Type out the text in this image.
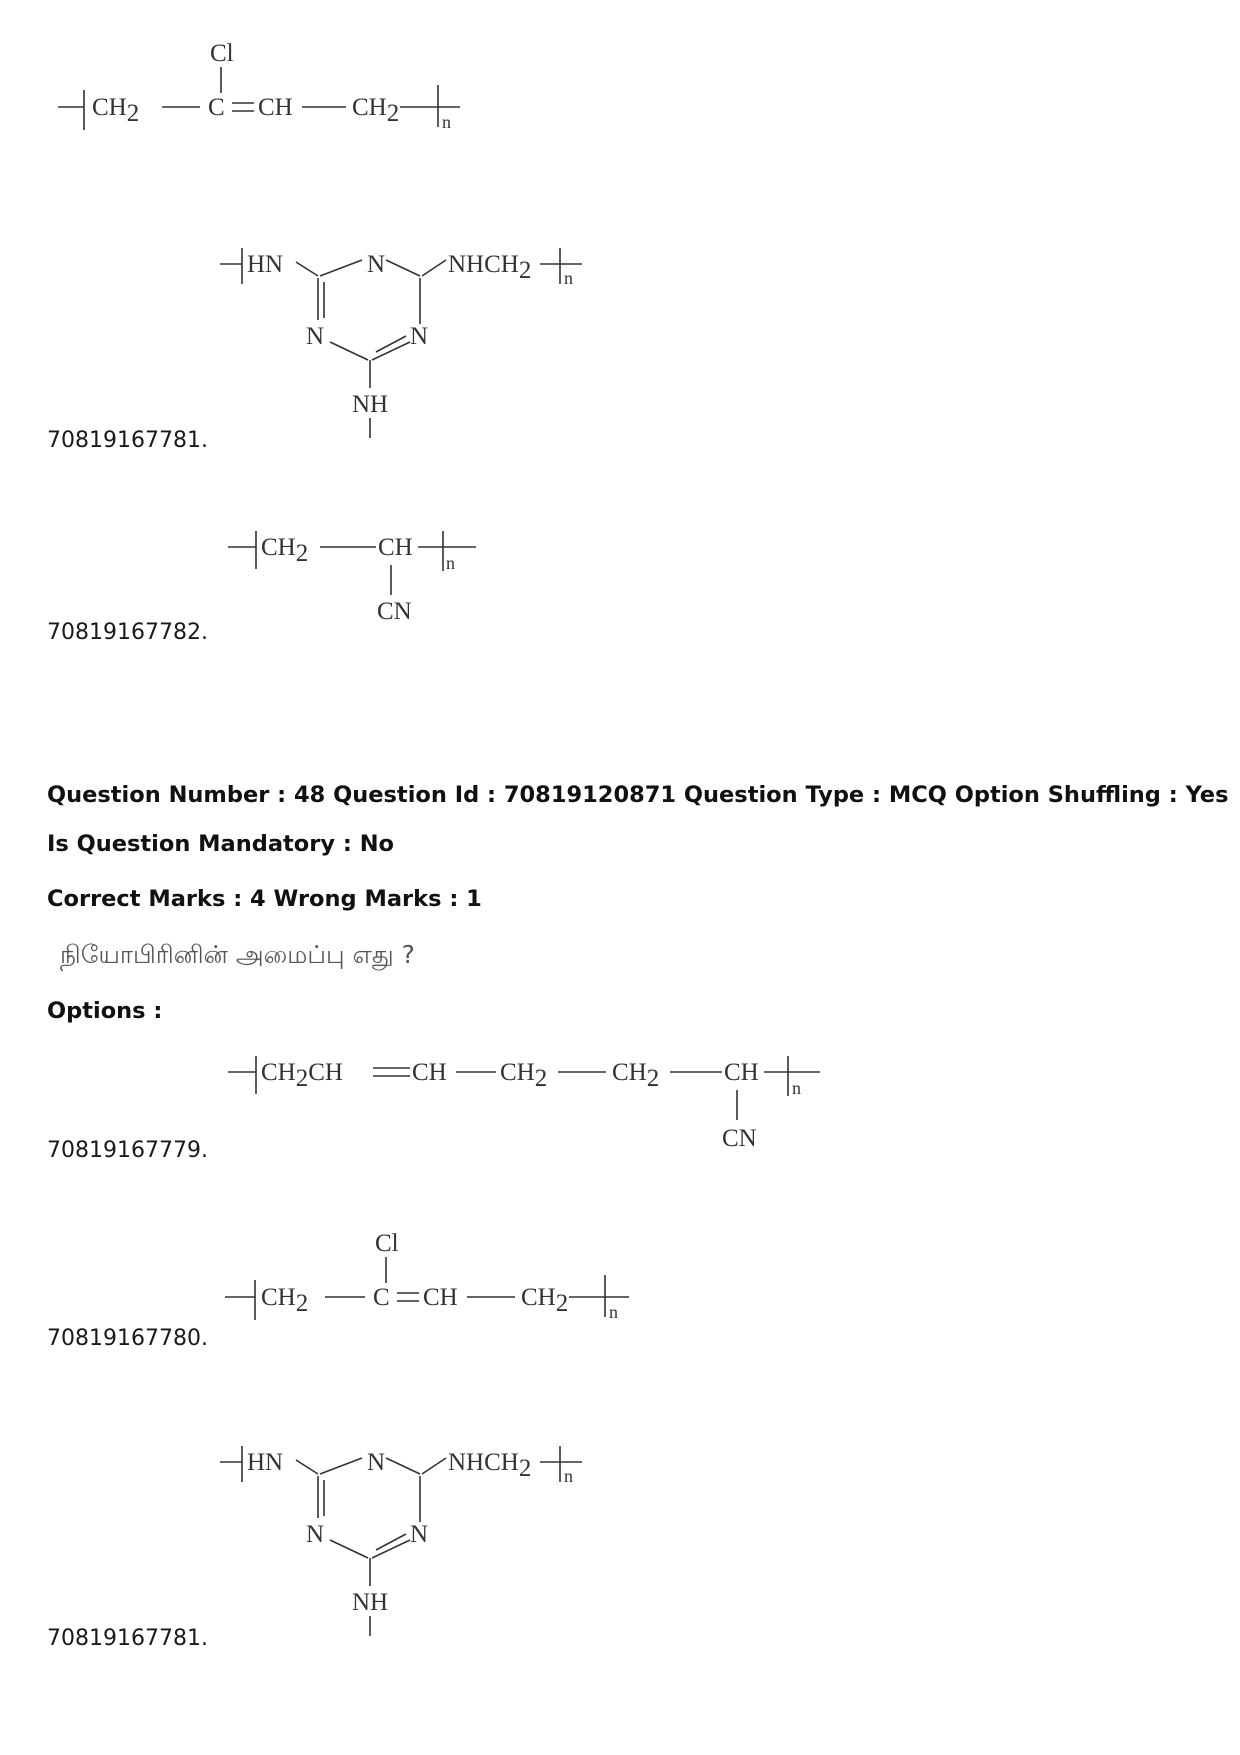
CH2
Cl
C CH CH2 n
HN	N
N	N
NH
NHCH2 n
70819167781.
CH2	CH
CN
n
70819167782.
Question Number : 48 Question Id : 70819120871 Question Type : MCQ Option Shuffling : Yes
Is Question Mandatory : No
Correct Marks : 4 Wrong Marks : 1
நியோபிரினின் அமைப்பு எது ?
Options :
CH2CH	CH CH2	CH2	CH
CN
n
70819167779.
CH2
Cl
C CH	CH2 n
70819167780.
HN	N
N	N
NH
NHCH2 n
70819167781.
